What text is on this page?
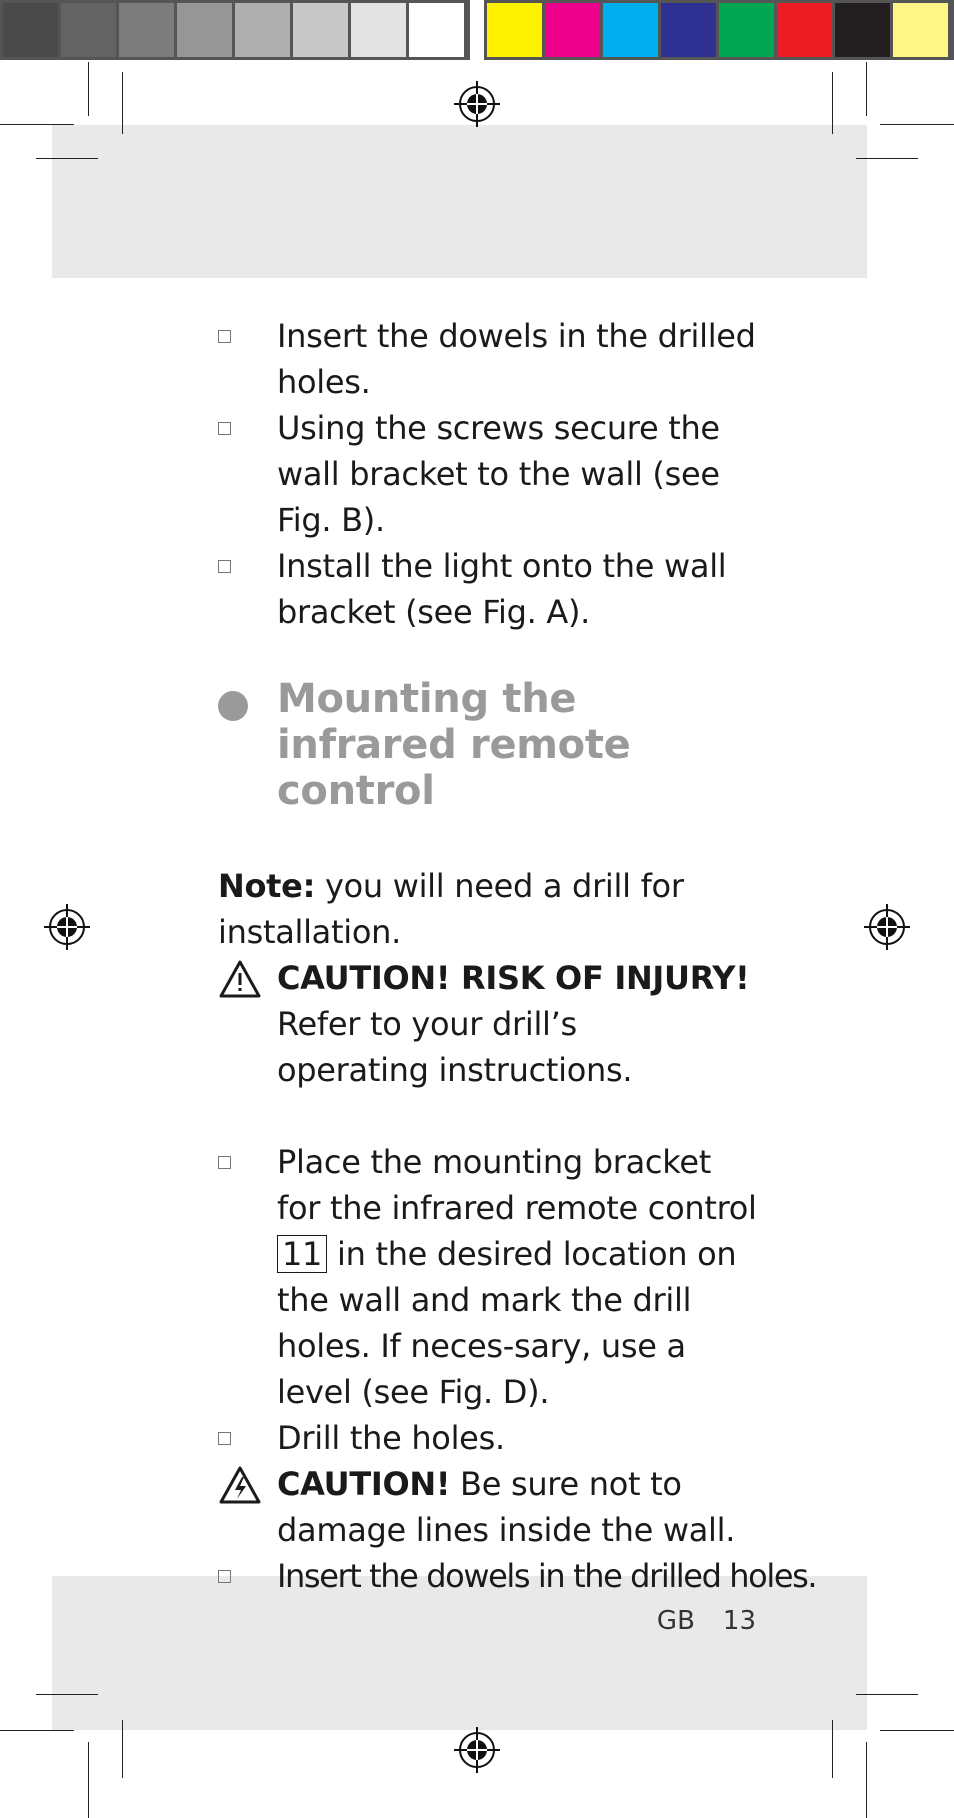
Insert the dowels in the drilled holes.
Using the screws secure the wall bracket to the wall (see Fig. B).
Install the light onto the wall bracket (see Fig. A).
Mounting the
infrared remote
control
Note: you will need a drill for installation.
CAUTION! RISK OF INJURY!
Refer to your drill’s operating instructions.
Place the mounting bracket for the infrared remote control 11 in the desired location on the wall and mark the drill holes. If neces-sary, use a level (see Fig. D).
Drill the holes.
CAUTION! Be sure not to damage lines inside the wall.
Insert the dowels in the drilled holes.
GB 13
